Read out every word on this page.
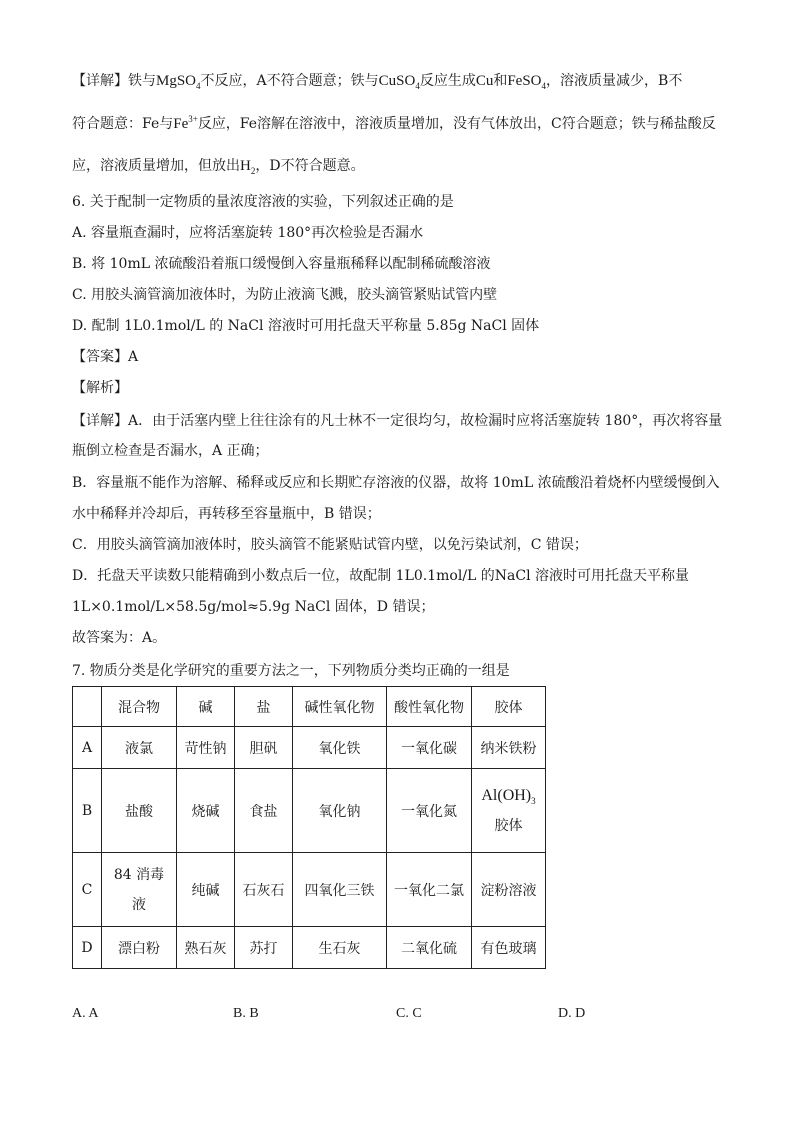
【详解】铁与MgSO$_4$不反应，A不符合题意；铁与CuSO$_4$反应生成Cu和FeSO$_4$，溶液质量减少，B不
符合题意：Fe与$Fe^{3+}$反应，Fe溶解在溶液中，溶液质量增加，没有气体放出，C符合题意；铁与稀盐酸反
应，溶液质量增加，但放出$H_2$，D不符合题意。
6. 关于配制一定物质的量浓度溶液的实验，下列叙述正确的是
A. 容量瓶查漏时，应将活塞旋转 180°再次检验是否漏水
B. 将 10mL 浓硫酸沿着瓶口缓慢倒入容量瓶稀释以配制稀硫酸溶液
C. 用胶头滴管滴加液体时，为防止液滴飞溅，胶头滴管紧贴试管内壁
D. 配制 1L0.1mol/L 的 NaCl 溶液时可用托盘天平称量 5.85g NaCl 固体
【答案】A
【解析】
【详解】A．由于活塞内壁上往往涂有的凡士林不一定很均匀，故检漏时应将活塞旋转 180°，再次将容量
瓶倒立检查是否漏水，A 正确；
B．容量瓶不能作为溶解、稀释或反应和长期贮存溶液的仪器，故将 10mL 浓硫酸沿着烧杯内壁缓慢倒入
水中稀释并冷却后，再转移至容量瓶中，B 错误；
C．用胶头滴管滴加液体时，胶头滴管不能紧贴试管内壁，以免污染试剂，C 错误；
D．托盘天平读数只能精确到小数点后一位，故配制 1L0.1mol/L 的NaCl 溶液时可用托盘天平称量
1L×0.1mol/L×58.5g/mol≈5.9g NaCl 固体，D 错误；
故答案为：A。
7. 物质分类是化学研究的重要方法之一，下列物质分类均正确的一组是
	混合物	碱	盐	碱性氧化物	酸性氧化物	胶体
A	液氯	苛性钠	胆矾	氧化铁	一氧化碳	纳米铁粉
B	盐酸	烧碱	食盐	氧化钠	一氧化氮	$Al(OH)_3$
胶体

C	84 消毒
液	纯碱	石灰石	四氧化三铁	一氧化二氯	淀粉溶液
D	漂白粉	熟石灰	苏打	生石灰	二氧化硫	有色玻璃
A. A	B. B	C. C	D. D
